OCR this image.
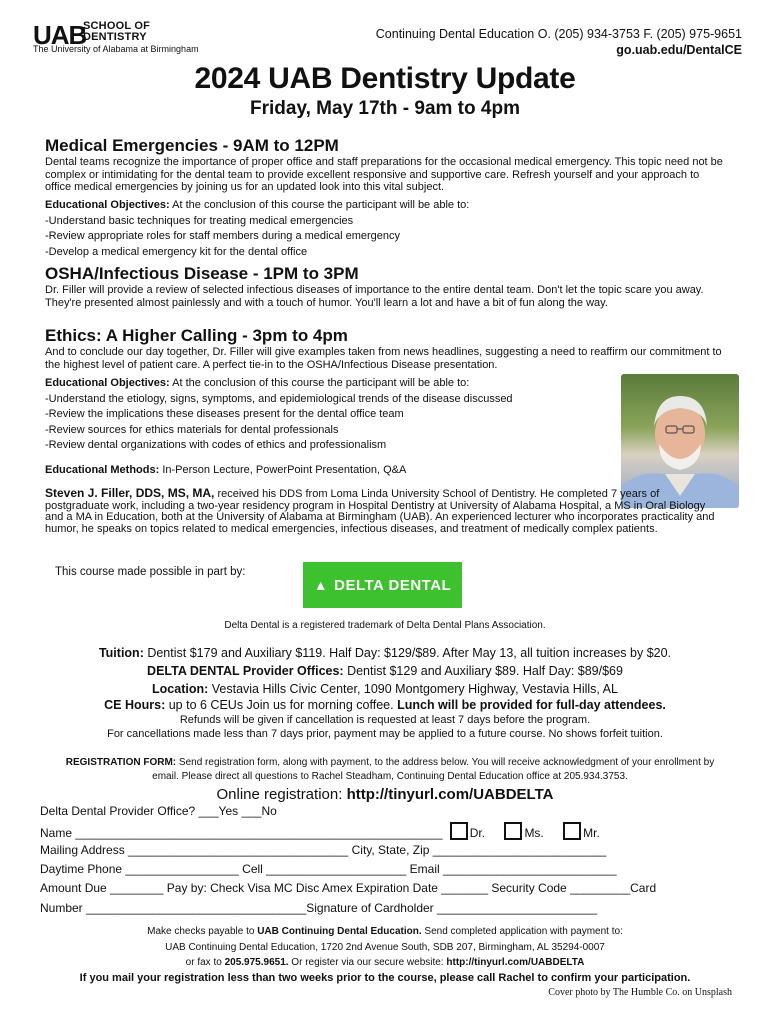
UAB
SCHOOL OF
DENTISTRY
The University of Alabama at Birmingham
Continuing Dental Education O. (205) 934-3753 F. (205) 975-9651
go.uab.edu/DentalCE
2024 UAB Dentistry Update
Friday, May 17th - 9am to 4pm
Medical Emergencies - 9AM to 12PM
Dental teams recognize the importance of proper office and staff preparations for the occasional medical emergency. This topic need not be complex or intimidating for the dental team to provide excellent responsive and supportive care. Refresh yourself and your approach to office medical emergencies by joining us for an updated look into this vital subject.
Educational Objectives: At the conclusion of this course the participant will be able to:
-Understand basic techniques for treating medical emergencies
-Review appropriate roles for staff members during a medical emergency
-Develop a medical emergency kit for the dental office
OSHA/Infectious Disease - 1PM to 3PM
Dr. Filler will provide a review of selected infectious diseases of importance to the entire dental team. Don't let the topic scare you away. They're presented almost painlessly and with a touch of humor. You'll learn a lot and have a bit of fun along the way.
Ethics: A Higher Calling - 3pm to 4pm
And to conclude our day together, Dr. Filler will give examples taken from news headlines, suggesting a need to reaffirm our commitment to the highest level of patient care. A perfect tie-in to the OSHA/Infectious Disease presentation.
Educational Objectives: At the conclusion of this course the participant will be able to:
-Understand the etiology, signs, symptoms, and epidemiological trends of the disease discussed
-Review the implications these diseases present for the dental office team
-Review sources for ethics materials for dental professionals
-Review dental organizations with codes of ethics and professionalism
Educational Methods: In-Person Lecture, PowerPoint Presentation, Q&A
Steven J. Filler, DDS, MS, MA, received his DDS from Loma Linda University School of Dentistry. He completed 7 years of postgraduate work, including a two-year residency program in Hospital Dentistry at University of Alabama Hospital, a MS in Oral Biology and a MA in Education, both at the University of Alabama at Birmingham (UAB). An experienced lecturer who incorporates practicality and humor, he speaks on topics related to medical emergencies, infectious diseases, and treatment of medically complex patients.
This course made possible in part by:
▲ DELTA DENTAL
Delta Dental is a registered trademark of Delta Dental Plans Association.
Tuition: Dentist $179 and Auxiliary $119. Half Day: $129/$89. After May 13, all tuition increases by $20.
DELTA DENTAL Provider Offices: Dentist $129 and Auxiliary $89. Half Day: $89/$69
Location: Vestavia Hills Civic Center, 1090 Montgomery Highway, Vestavia Hills, AL
CE Hours: up to 6 CEUs Join us for morning coffee. Lunch will be provided for full-day attendees.
Refunds will be given if cancellation is requested at least 7 days before the program.
For cancellations made less than 7 days prior, payment may be applied to a future course. No shows forfeit tuition.
REGISTRATION FORM: Send registration form, along with payment, to the address below. You will receive acknowledgment of your enrollment by email. Please direct all questions to Rachel Steadham, Continuing Dental Education office at 205.934.3753.
Online registration: http://tinyurl.com/UABDELTA
Delta Dental Provider Office? ___Yes ___No
Name _______________________________________________________ Dr.	Ms.	Mr.
Mailing Address _________________________________ City, State, Zip __________________________
Daytime Phone _________________ Cell _____________________ Email __________________________
Amount Due ________ Pay by: Check Visa MC Disc Amex Expiration Date _______ Security Code _________Card
Number _________________________________Signature of Cardholder ________________________
Make checks payable to UAB Continuing Dental Education. Send completed application with payment to:
UAB Continuing Dental Education, 1720 2nd Avenue South, SDB 207, Birmingham, AL 35294-0007
or fax to 205.975.9651. Or register via our secure website: http://tinyurl.com/UABDELTA
If you mail your registration less than two weeks prior to the course, please call Rachel to confirm your participation.
Cover photo by The Humble Co. on Unsplash
